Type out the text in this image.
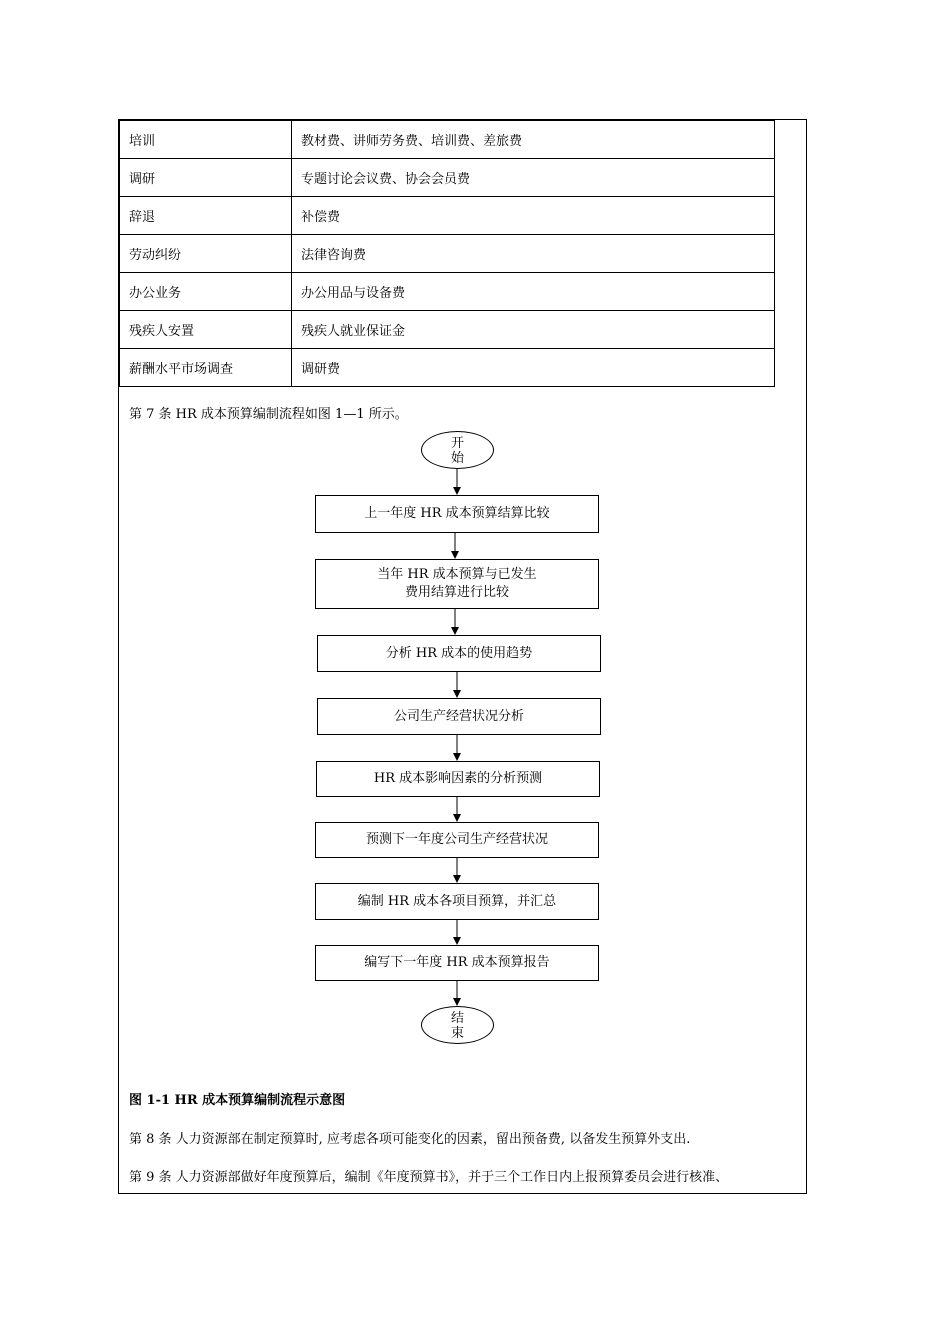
培训	教材费、讲师劳务费、培训费、差旅费
调研	专题讨论会议费、协会会员费
辞退	补偿费
劳动纠纷	法律咨询费
办公业务	办公用品与设备费
残疾人安置	残疾人就业保证金
薪酬水平市场调查	调研费
第 7 条 HR 成本预算编制流程如图 1—1 所示。
开始
上一年度 HR 成本预算结算比较
当年 HR 成本预算与已发生
费用结算进行比较
分析 HR 成本的使用趋势
公司生产经营状况分析
HR 成本影响因素的分析预测
预测下一年度公司生产经营状况
编制 HR 成本各项目预算，并汇总
编写下一年度 HR 成本预算报告
结束
图 1-1 HR 成本预算编制流程示意图
第 8 条 人力资源部在制定预算时, 应考虑各项可能变化的因素，留出预备费, 以备发生预算外支出.
第 9 条 人力资源部做好年度预算后，编制《年度预算书》，并于三个工作日内上报预算委员会进行核准、
